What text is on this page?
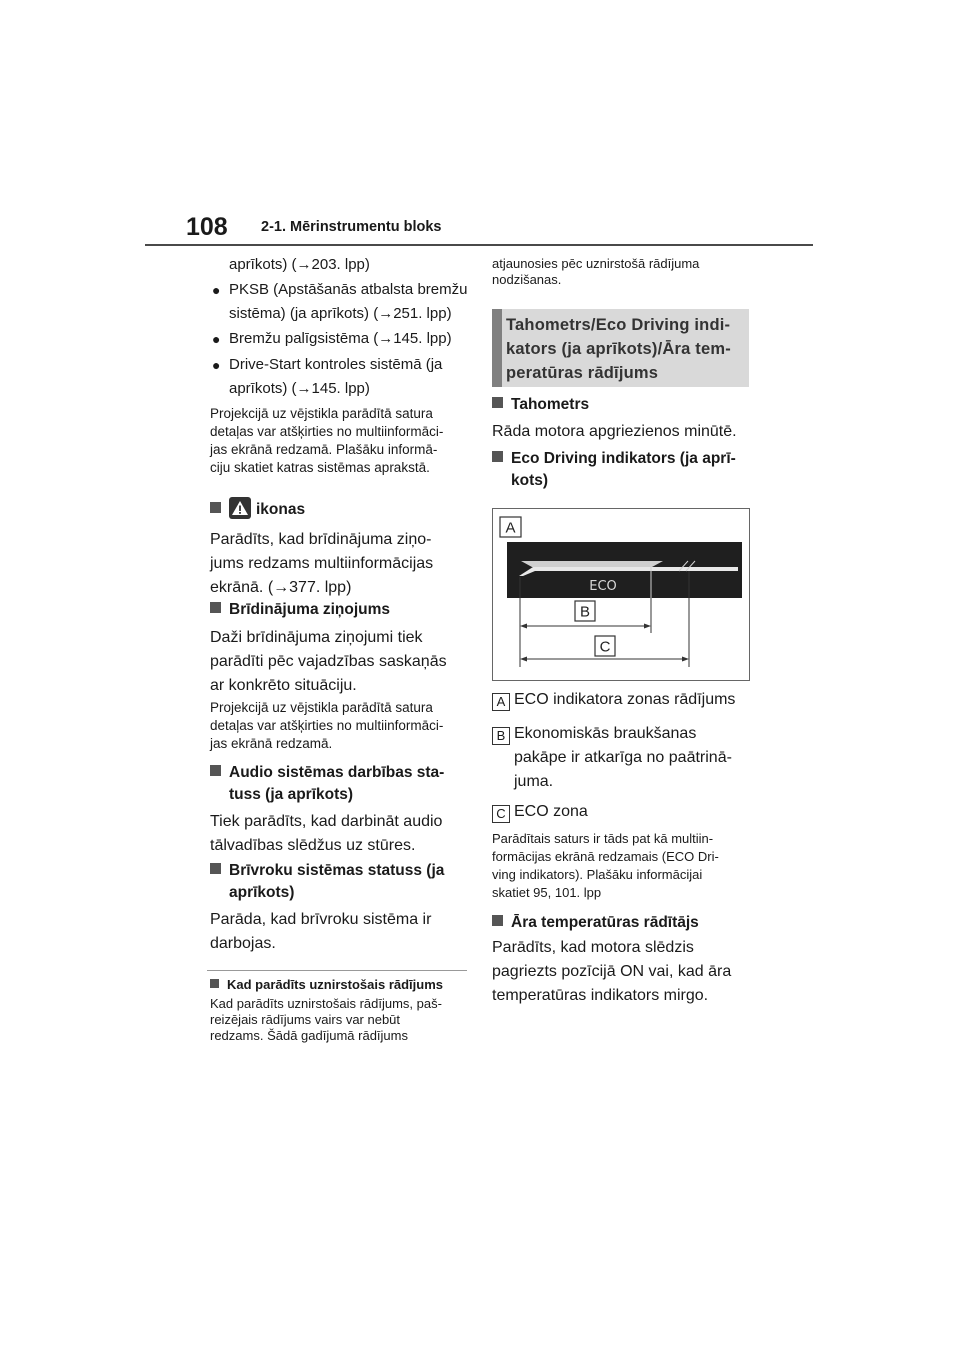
108 2-1. Mērinstrumentu bloks
aprīkots) (→203. lpp)
● PKSB (Apstāšanās atbalsta bremžu
sistēma) (ja aprīkots) (→251. lpp)
● Bremžu palīgsistēma (→145. lpp)
● Drive-Start kontroles sistēmā (ja
aprīkots) (→145. lpp)
Projekcijā uz vējstikla parādītā satura
detaļas var atšķirties no multiinformāci-
jas ekrānā redzamā. Plašāku informā-
ciju skatiet katras sistēmas aprakstā.
ikonas
Parādīts, kad brīdinājuma ziņo-
jums redzams multiinformācijas
ekrānā. (→377. lpp)
Brīdinājuma ziņojums
Daži brīdinājuma ziņojumi tiek
parādīti pēc vajadzības saskaņās
ar konkrēto situāciju.
Projekcijā uz vējstikla parādītā satura
detaļas var atšķirties no multiinformāci-
jas ekrānā redzamā.
Audio sistēmas darbības sta-
tuss (ja aprīkots)
Tiek parādīts, kad darbināt audio
tālvadības slēdžus uz stūres.
Brīvroku sistēmas statuss (ja
aprīkots)
Parāda, kad brīvroku sistēma ir
darbojas.
Kad parādīts uznirstošais rādījums
Kad parādīts uznirstošais rādījums, paš-
reizējais rādījums vairs var nebūt
redzams. Šādā gadījumā rādījums
atjaunosies pēc uznirstošā rādījuma
nodzišanas.
Tahometrs/Eco Driving indi-
kators (ja aprīkots)/Āra tem-
peratūras rādījums
Tahometrs
Rāda motora apgriezienos minūtē.
Eco Driving indikators (ja aprī-
kots)
A
ECO
B
C
A ECO indikatora zonas rādījums
B Ekonomiskās braukšanas
pakāpe ir atkarīga no paātrinā-
juma.
C ECO zona
Parādītais saturs ir tāds pat kā multiin-
formācijas ekrānā redzamais (ECO Dri-
ving indikators). Plašāku informācijai
skatiet 95, 101. lpp
Āra temperatūras rādītājs
Parādīts, kad motora slēdzis
pagriezts pozīcijā ON vai, kad āra
temperatūras indikators mirgo.
